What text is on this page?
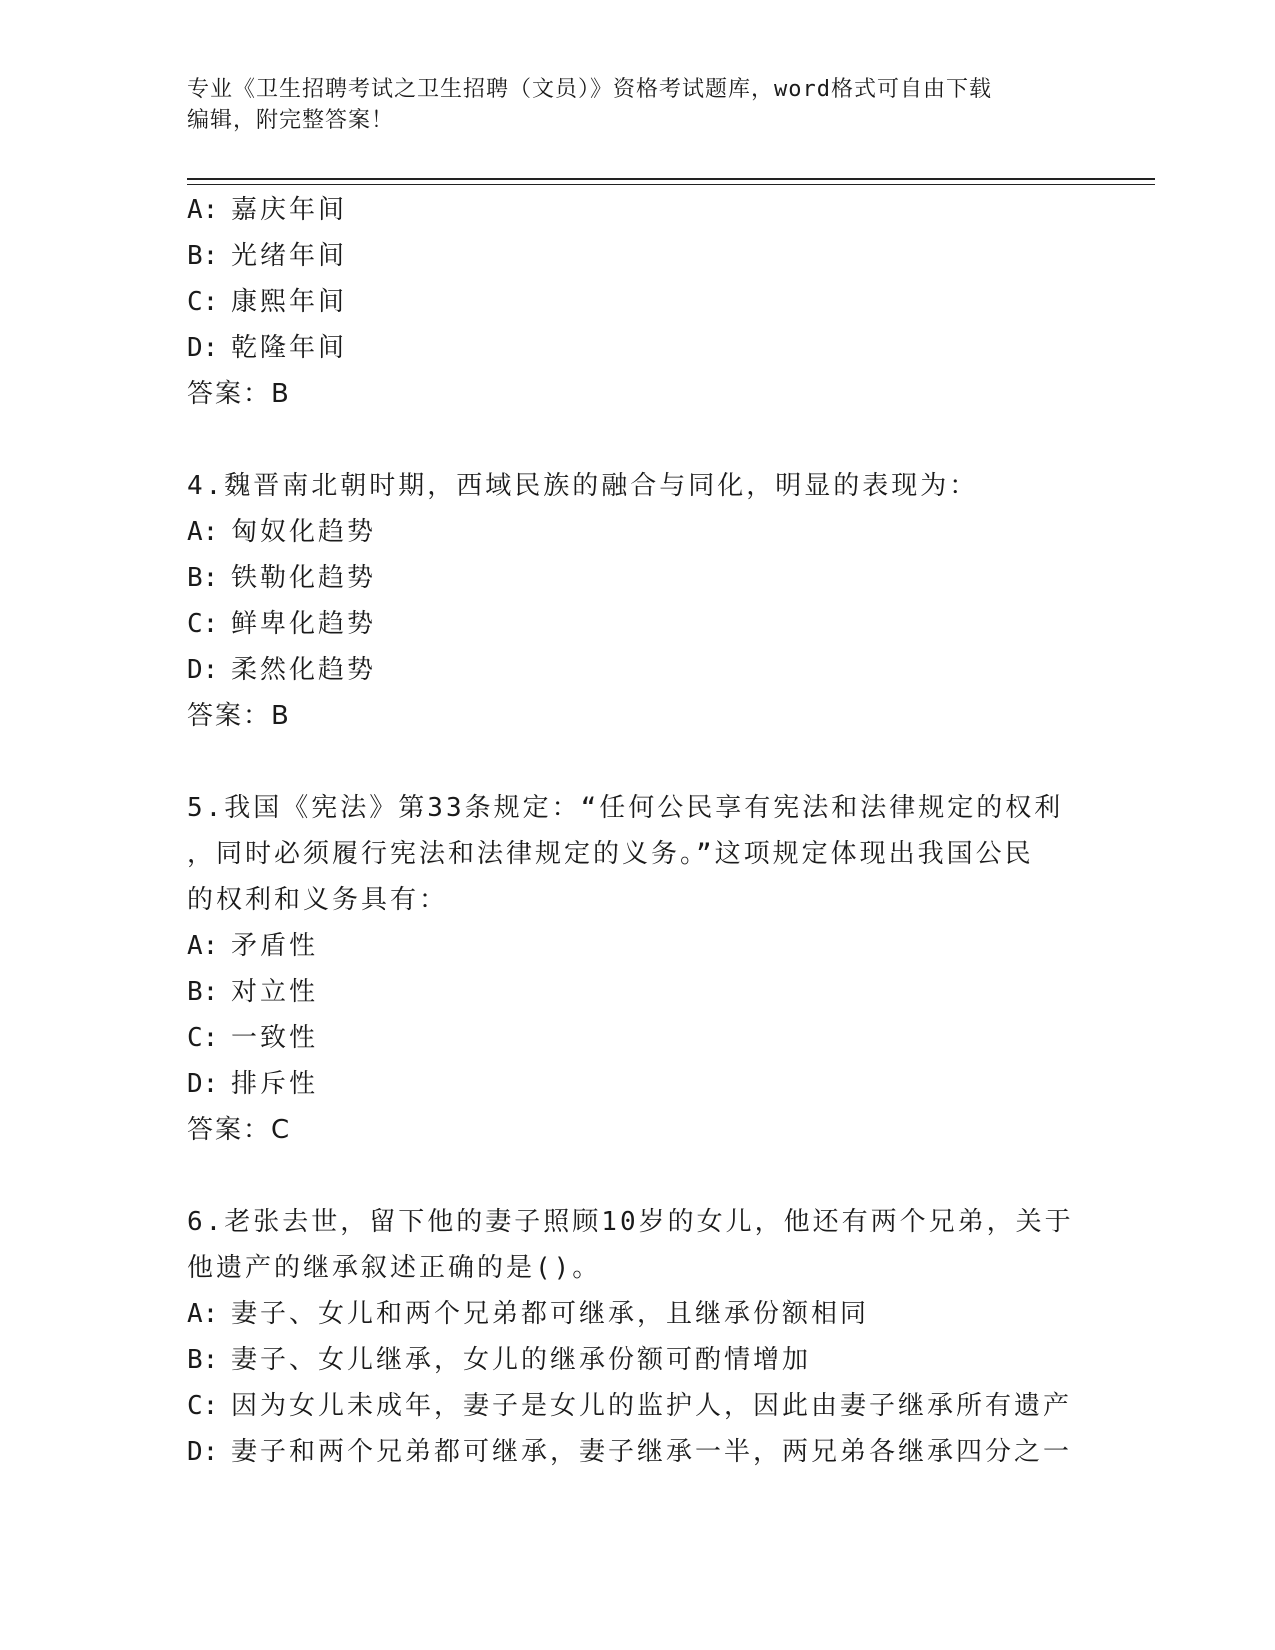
专业《卫生招聘考试之卫生招聘（文员）》资格考试题库，word格式可自由下载
编辑，附完整答案！
A: 嘉庆年间
B: 光绪年间
C: 康熙年间
D: 乾隆年间
答案：B
4.魏晋南北朝时期，西域民族的融合与同化，明显的表现为：
A: 匈奴化趋势
B: 铁勒化趋势
C: 鲜卑化趋势
D: 柔然化趋势
答案：B
5.我国《宪法》第33条规定：“任何公民享有宪法和法律规定的权利
，同时必须履行宪法和法律规定的义务。”这项规定体现出我国公民
的权利和义务具有：
A: 矛盾性
B: 对立性
C: 一致性
D: 排斥性
答案：C
6.老张去世，留下他的妻子照顾10岁的女儿，他还有两个兄弟，关于
他遗产的继承叙述正确的是()。
A: 妻子、女儿和两个兄弟都可继承，且继承份额相同
B: 妻子、女儿继承，女儿的继承份额可酌情增加
C: 因为女儿未成年，妻子是女儿的监护人，因此由妻子继承所有遗产
D: 妻子和两个兄弟都可继承，妻子继承一半，两兄弟各继承四分之一
